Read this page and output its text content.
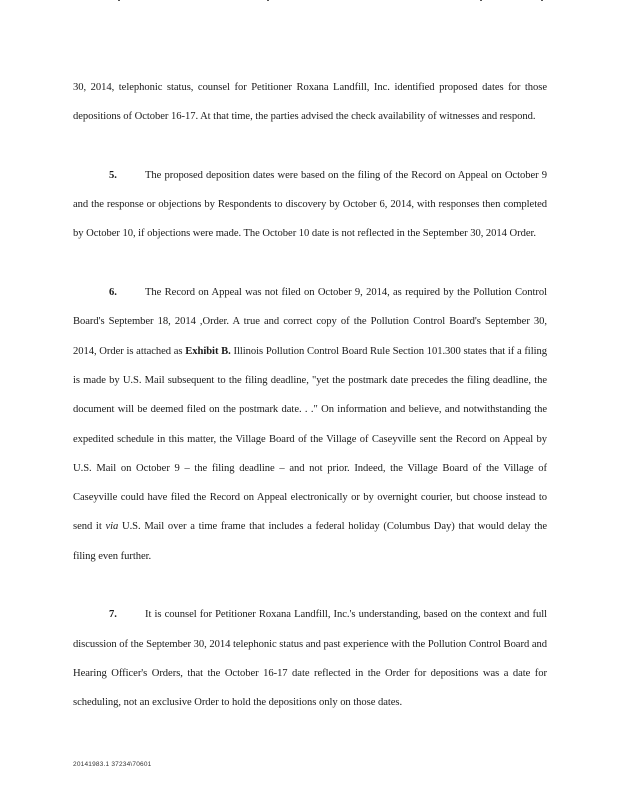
30, 2014, telephonic status, counsel for Petitioner Roxana Landfill, Inc. identified proposed dates for those depositions of October 16-17. At that time, the parties advised the check availability of witnesses and respond.

5.	The proposed deposition dates were based on the filing of the Record on Appeal on October 9 and the response or objections by Respondents to discovery by October 6, 2014, with responses then completed by October 10, if objections were made. The October 10 date is not reflected in the September 30, 2014 Order.

6.	The Record on Appeal was not filed on October 9, 2014, as required by the Pollution Control Board's September 18, 2014 ,Order. A true and correct copy of the Pollution Control Board's September 30, 2014, Order is attached as Exhibit B. Illinois Pollution Control Board Rule Section 101.300 states that if a filing is made by U.S. Mail subsequent to the filing deadline, "yet the postmark date precedes the filing deadline, the document will be deemed filed on the postmark date. . ." On information and believe, and notwithstanding the expedited schedule in this matter, the Village Board of the Village of Caseyville sent the Record on Appeal by U.S. Mail on October 9 – the filing deadline – and not prior. Indeed, the Village Board of the Village of Caseyville could have filed the Record on Appeal electronically or by overnight courier, but choose instead to send it via U.S. Mail over a time frame that includes a federal holiday (Columbus Day) that would delay the filing even further.

7.	It is counsel for Petitioner Roxana Landfill, Inc.'s understanding, based on the context and full discussion of the September 30, 2014 telephonic status and past experience with the Pollution Control Board and Hearing Officer's Orders, that the October 16-17 date reflected in the Order for depositions was a date for scheduling, not an exclusive Order to hold the depositions only on those dates.

20141983.1 37234\70601
